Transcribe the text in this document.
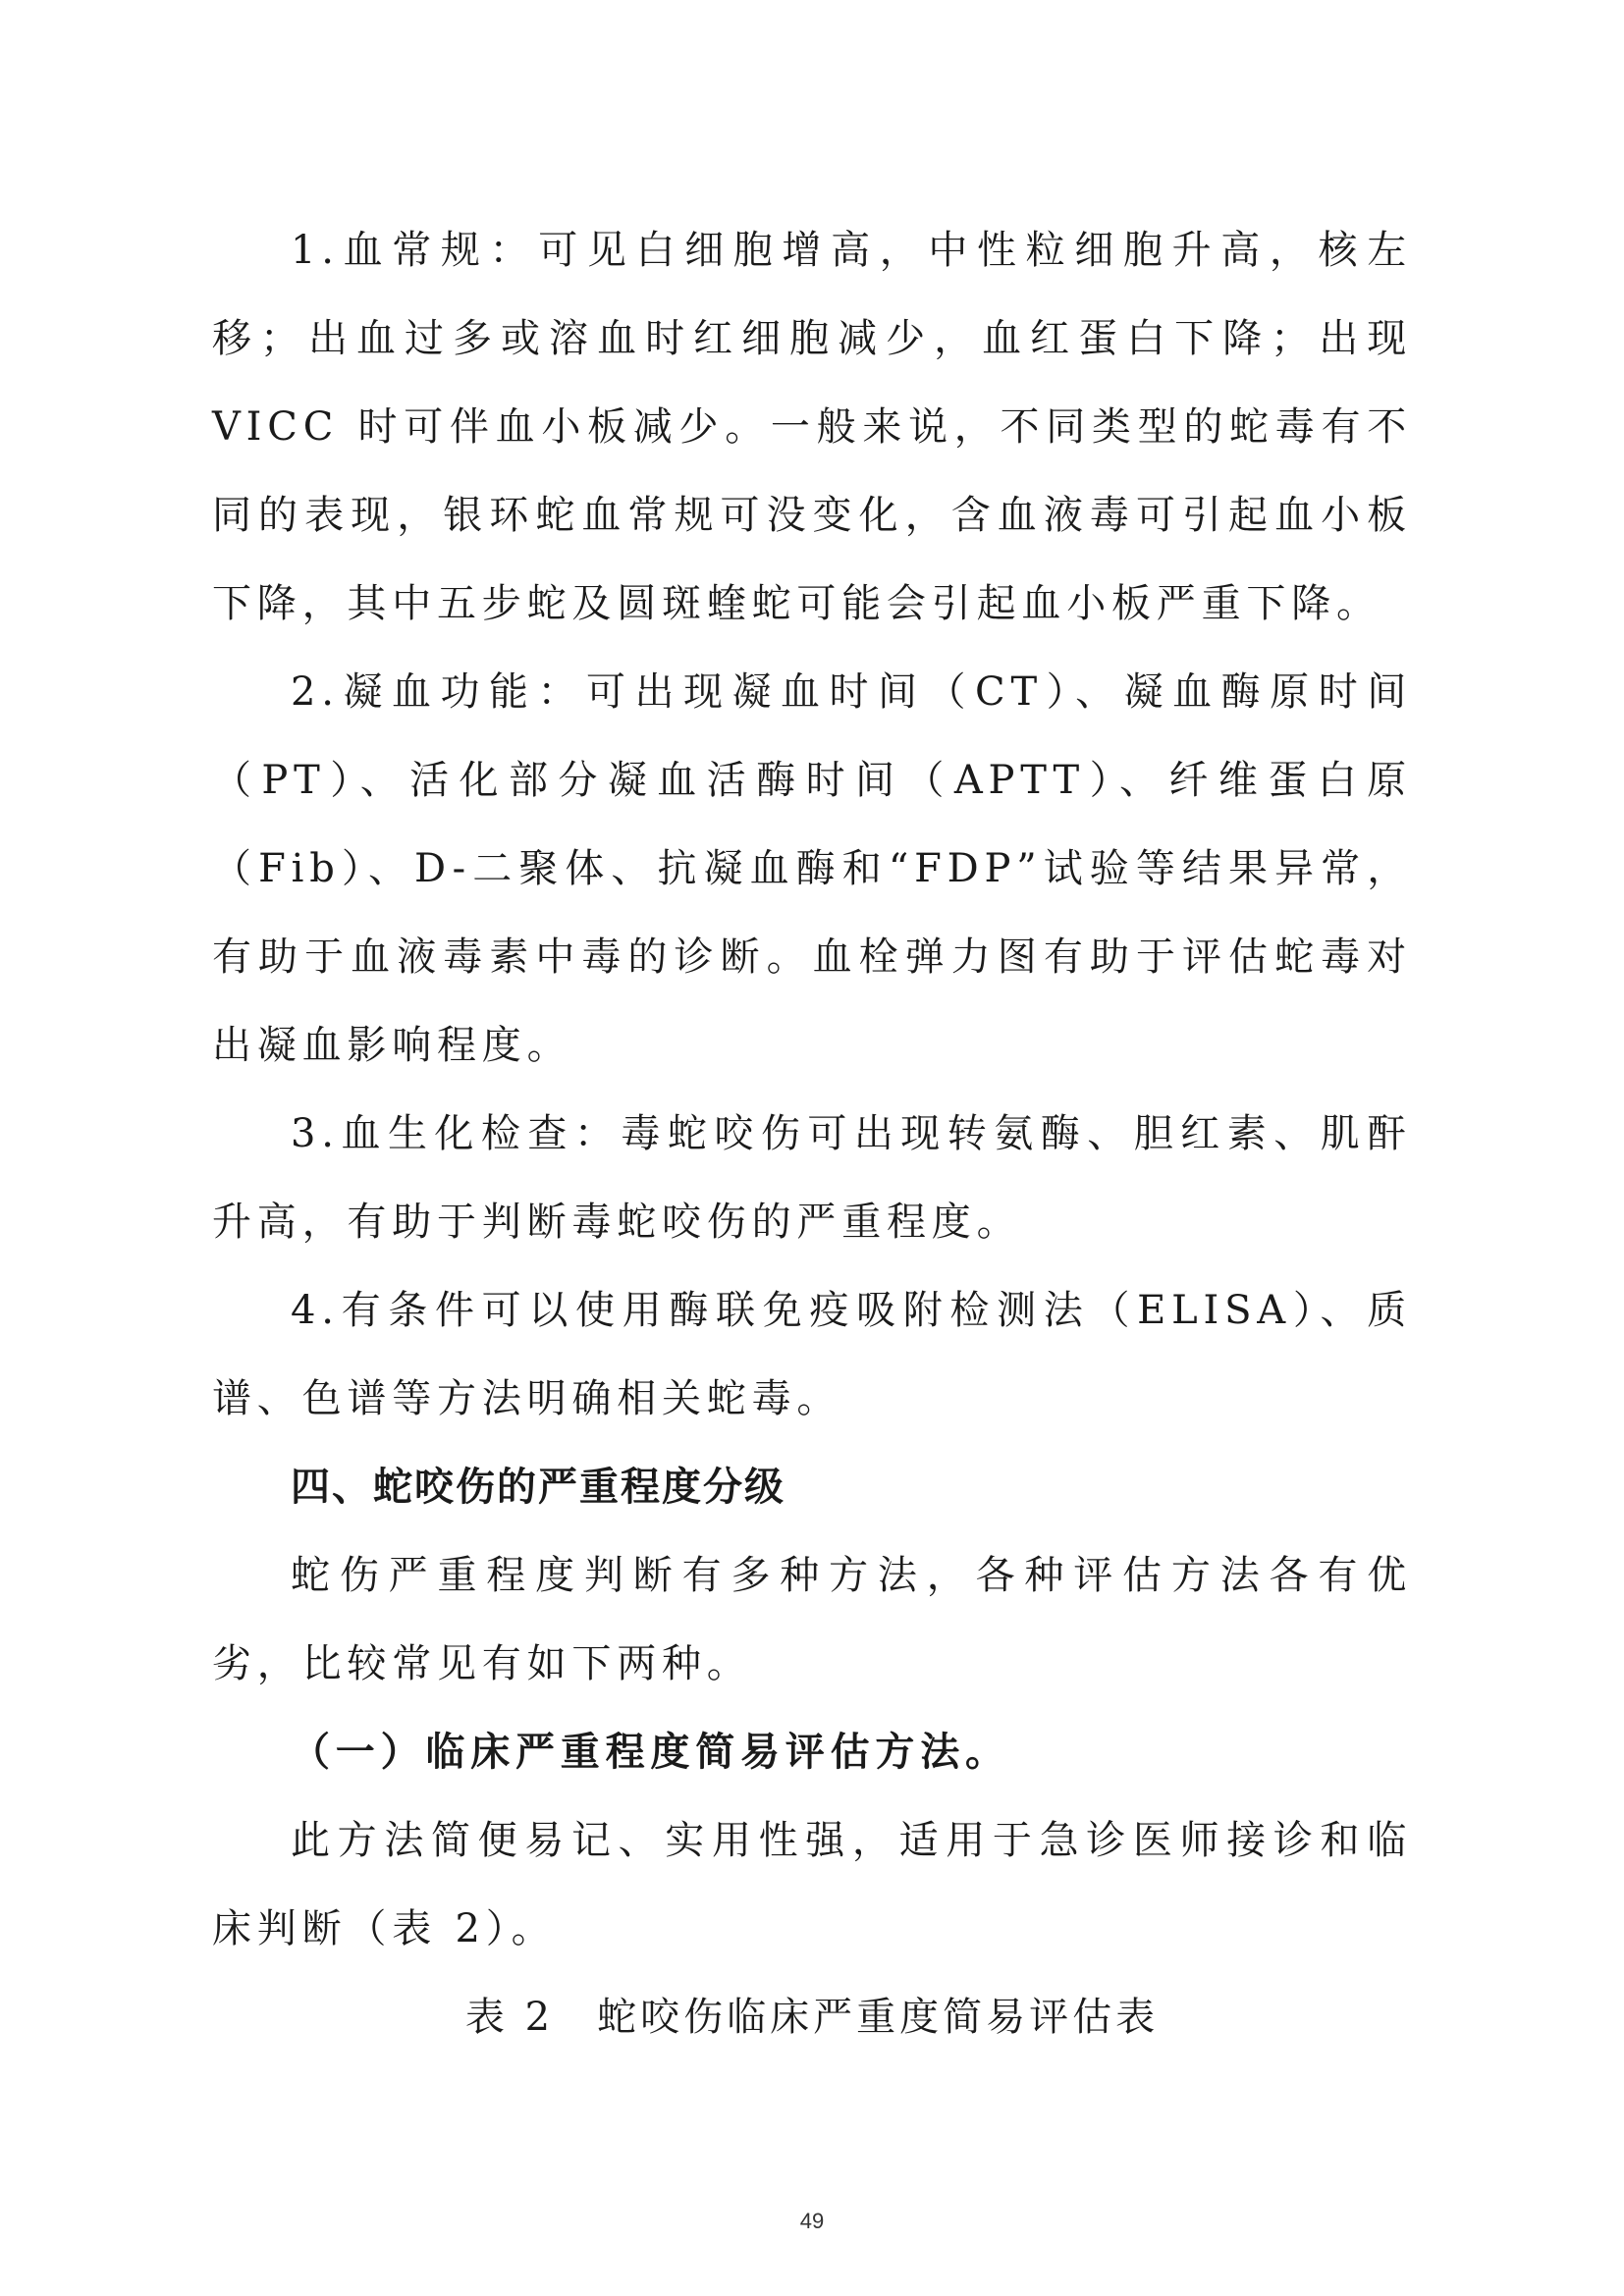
1.血常规：可见白细胞增高，中性粒细胞升高，核左移；出血过多或溶血时红细胞减少，血红蛋白下降；出现 VICC 时可伴血小板减少。一般来说，不同类型的蛇毒有不同的表现，银环蛇血常规可没变化，含血液毒可引起血小板下降，其中五步蛇及圆斑蝰蛇可能会引起血小板严重下降。

2.凝血功能：可出现凝血时间（CT）、凝血酶原时间（PT）、活化部分凝血活酶时间（APTT）、纤维蛋白原（Fib）、D-二聚体、抗凝血酶和“FDP”试验等结果异常，有助于血液毒素中毒的诊断。血栓弹力图有助于评估蛇毒对出凝血影响程度。

3.血生化检查：毒蛇咬伤可出现转氨酶、胆红素、肌酐升高，有助于判断毒蛇咬伤的严重程度。

4.有条件可以使用酶联免疫吸附检测法（ELISA）、质谱、色谱等方法明确相关蛇毒。

四、蛇咬伤的严重程度分级

蛇伤严重程度判断有多种方法，各种评估方法各有优劣，比较常见有如下两种。

（一）临床严重程度简易评估方法。

此方法简便易记、实用性强，适用于急诊医师接诊和临床判断（表 2）。

表 2　蛇咬伤临床严重度简易评估表

49
